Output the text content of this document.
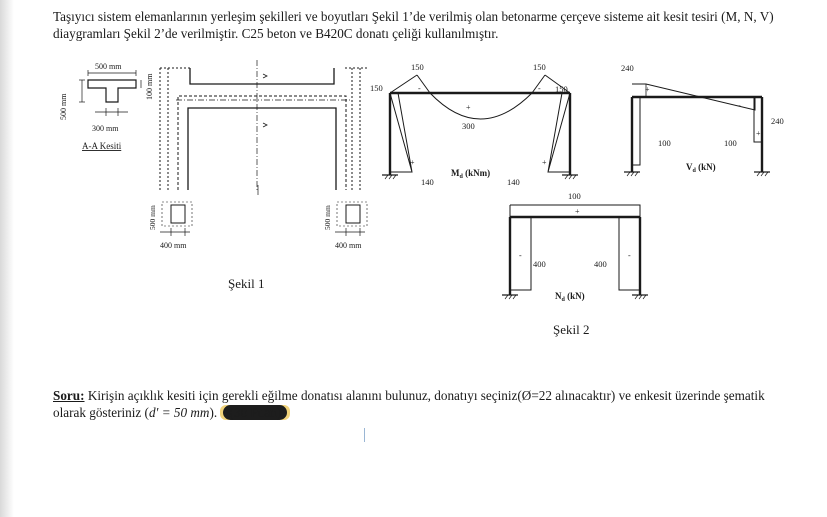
Taşıyıcı sistem elemanlarının yerleşim şekilleri ve boyutları Şekil 1’de verilmiş olan betonarme çerçeve sisteme ait kesit tesiri (M, N, V) diaygramları Şekil 2’de verilmiştir. C25 beton ve B420C donatı çeliği kullanılmıştır.

500 mm
300 mm
500 mm
100 mm
A-A Kesiti
500 mm
400 mm
500 mm
400 mm
Şekil 1
150	150
150	150
300
140	140
+
+	+
-	-
$M_d$ (kNm)
240
240
100	100
$V_d$ (kN)
+
+
-
100
400	400
$N_d$ (kN)
+
-	-
Şekil 2

Soru: Kirişin açıklık kesiti için gerekli eğilme donatısı alanını bulunuz, donatıyı seçiniz(Ø=22 alınacaktır) ve enkesit üzerinde şematik olarak gösteriniz (d′ = 50 mm). (30 Puan)
